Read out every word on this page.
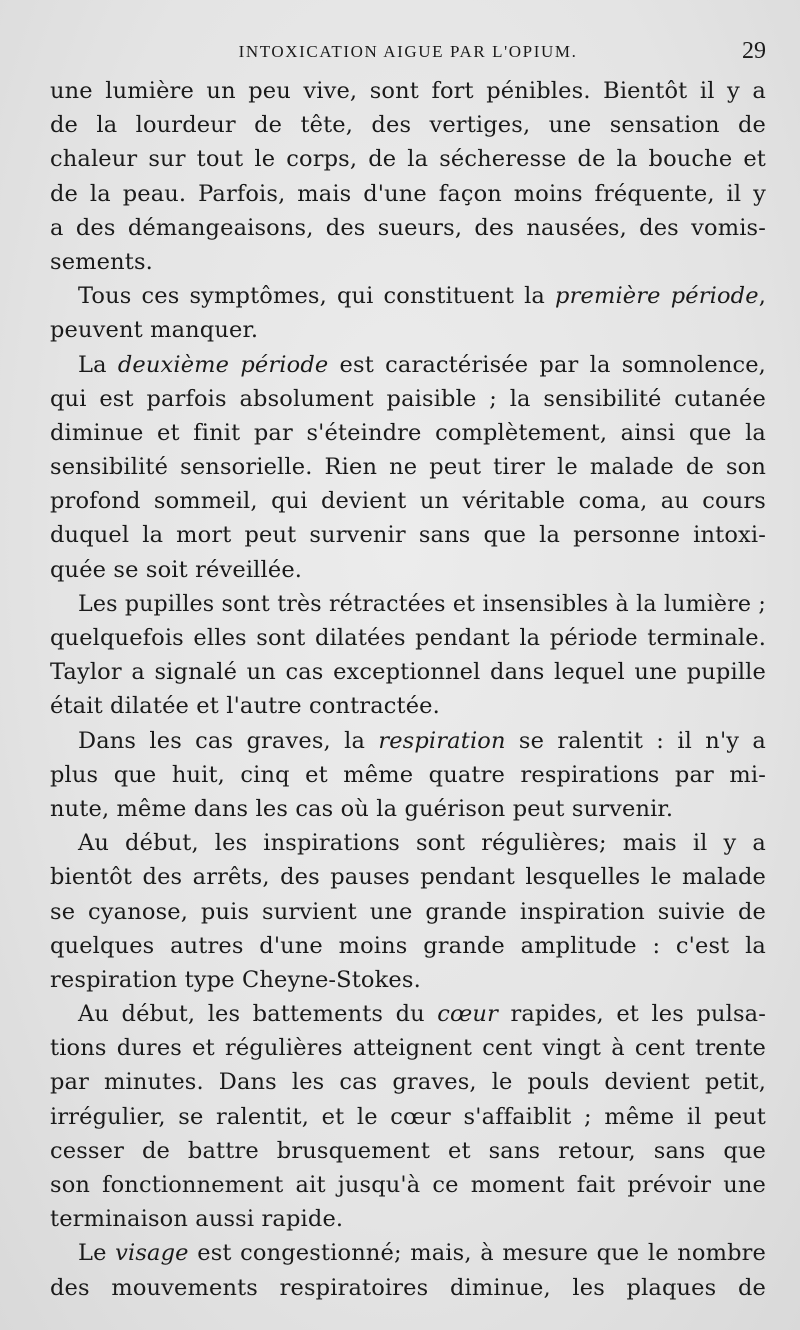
INTOXICATION AIGUE PAR L'OPIUM.	29
une lumière un peu vive, sont fort pénibles. Bientôt il y a
de la lourdeur de tête, des vertiges, une sensation de
chaleur sur tout le corps, de la sécheresse de la bouche et
de la peau. Parfois, mais d'une façon moins fréquente, il y
a des démangeaisons, des sueurs, des nausées, des vomis-
sements.
Tous ces symptômes, qui constituent la première période,
peuvent manquer.
La deuxième période est caractérisée par la somnolence,
qui est parfois absolument paisible ; la sensibilité cutanée
diminue et finit par s'éteindre complètement, ainsi que la
sensibilité sensorielle. Rien ne peut tirer le malade de son
profond sommeil, qui devient un véritable coma, au cours
duquel la mort peut survenir sans que la personne intoxi-
quée se soit réveillée.
Les pupilles sont très rétractées et insensibles à la lumière ;
quelquefois elles sont dilatées pendant la période terminale.
Taylor a signalé un cas exceptionnel dans lequel une pupille
était dilatée et l'autre contractée.
Dans les cas graves, la respiration se ralentit : il n'y a
plus que huit, cinq et même quatre respirations par mi-
nute, même dans les cas où la guérison peut survenir.
Au début, les inspirations sont régulières; mais il y a
bientôt des arrêts, des pauses pendant lesquelles le malade
se cyanose, puis survient une grande inspiration suivie de
quelques autres d'une moins grande amplitude : c'est la
respiration type Cheyne-Stokes.
Au début, les battements du cœur rapides, et les pulsa-
tions dures et régulières atteignent cent vingt à cent trente
par minutes. Dans les cas graves, le pouls devient petit,
irrégulier, se ralentit, et le cœur s'affaiblit ; même il peut
cesser de battre brusquement et sans retour, sans que
son fonctionnement ait jusqu'à ce moment fait prévoir une
terminaison aussi rapide.
Le visage est congestionné; mais, à mesure que le nombre
des mouvements respiratoires diminue, les plaques de
